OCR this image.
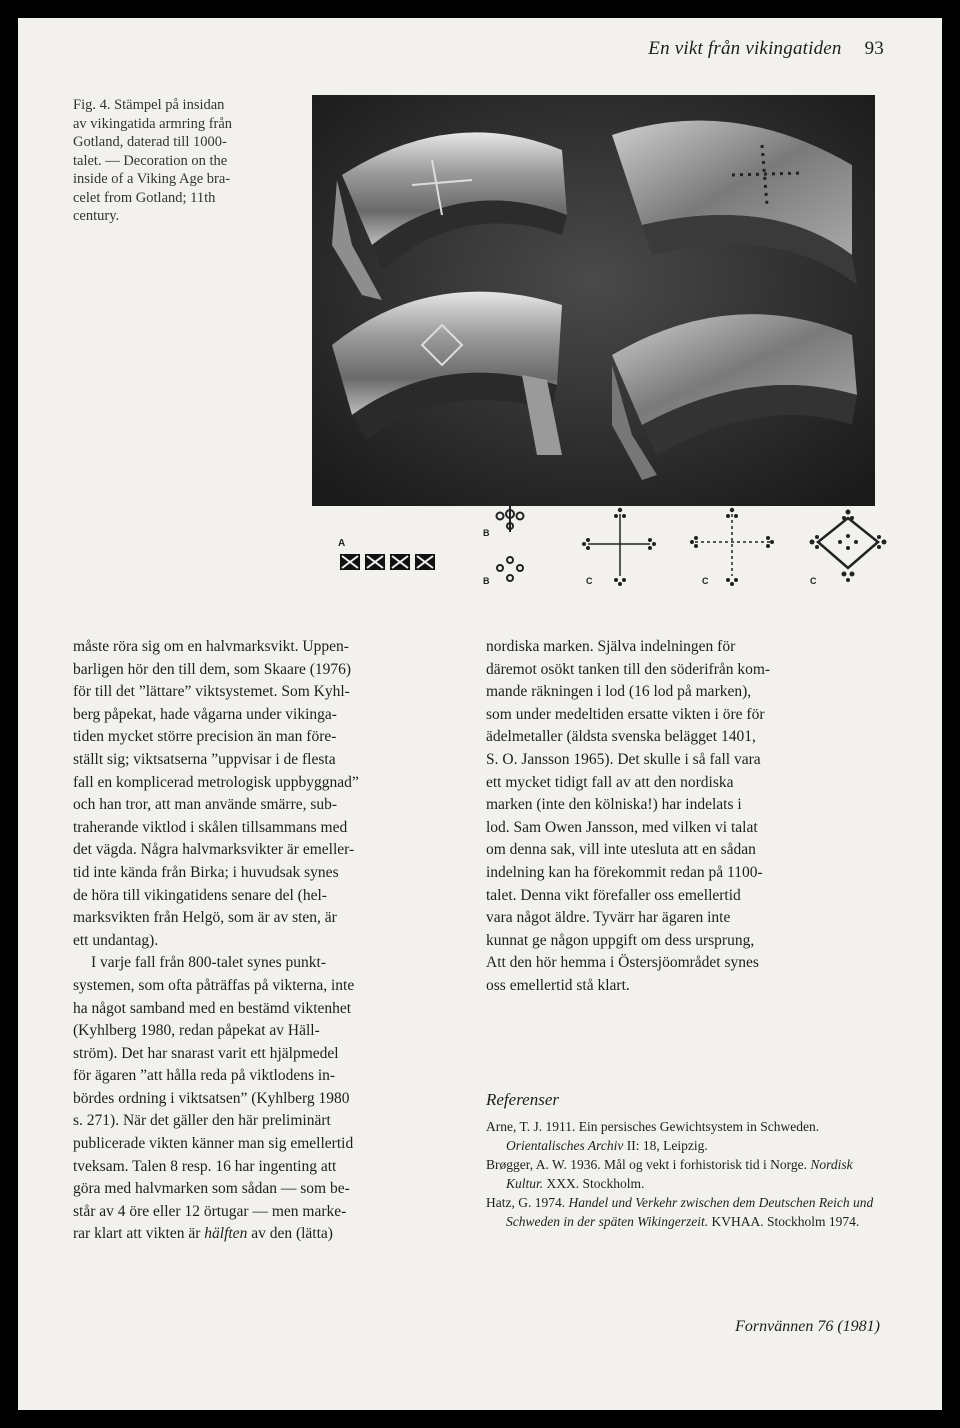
En vikt från vikingatiden 93

Fig. 4. Stämpel på insidan

av vikingatida armring från

Gotland, daterad till 1000-

talet. — Decoration on the

inside of a Viking Age bra-

celet from Gotland; 11th

century.

A
B
B	C	C	C

måste röra sig om en halvmarksvikt. Uppen-

barligen hör den till dem, som Skaare (1976)

för till det ”lättare” viktsystemet. Som Kyhl-

berg påpekat, hade vågarna under vikinga-

tiden mycket större precision än man före-

ställt sig; viktsatserna ”uppvisar i de flesta

fall en komplicerad metrologisk uppbyggnad”

och han tror, att man använde smärre, sub-

traherande viktlod i skålen tillsammans med

det vägda. Några halvmarksvikter är emeller-

tid inte kända från Birka; i huvudsak synes

de höra till vikingatidens senare del (hel-

marksvikten från Helgö, som är av sten, är

ett undantag).

I varje fall från 800-talet synes punkt-

systemen, som ofta påträffas på vikterna, inte

ha något samband med en bestämd viktenhet

(Kyhlberg 1980, redan påpekat av Häll-

ström). Det har snarast varit ett hjälpmedel

för ägaren ”att hålla reda på viktlodens in-

bördes ordning i viktsatsen” (Kyhlberg 1980

s. 271). När det gäller den här preliminärt

publicerade vikten känner man sig emellertid

tveksam. Talen 8 resp. 16 har ingenting att

göra med halvmarken som sådan — som be-

står av 4 öre eller 12 örtugar — men marke-

rar klart att vikten är hälften av den (lätta)

nordiska marken. Själva indelningen för

däremot osökt tanken till den söderifrån kom-

mande räkningen i lod (16 lod på marken),

som under medeltiden ersatte vikten i öre för

ädelmetaller (äldsta svenska belägget 1401,

S. O. Jansson 1965). Det skulle i så fall vara

ett mycket tidigt fall av att den nordiska

marken (inte den kölniska!) har indelats i

lod. Sam Owen Jansson, med vilken vi talat

om denna sak, vill inte utesluta att en sådan

indelning kan ha förekommit redan på 1100-

talet. Denna vikt förefaller oss emellertid

vara något äldre. Tyvärr har ägaren inte

kunnat ge någon uppgift om dess ursprung,

Att den hör hemma i Östersjöområdet synes

oss emellertid stå klart.

Referenser

Arne, T. J. 1911. Ein persisches Gewichtsystem in Schweden. Orientalisches Archiv II: 18, Leipzig.

Brøgger, A. W. 1936. Mål og vekt i forhistorisk tid i Norge. Nordisk Kultur. XXX. Stockholm.

Hatz, G. 1974. Handel und Verkehr zwischen dem Deutschen Reich und Schweden in der späten Wikingerzeit. KVHAA. Stockholm 1974.

Fornvännen 76 (1981)
